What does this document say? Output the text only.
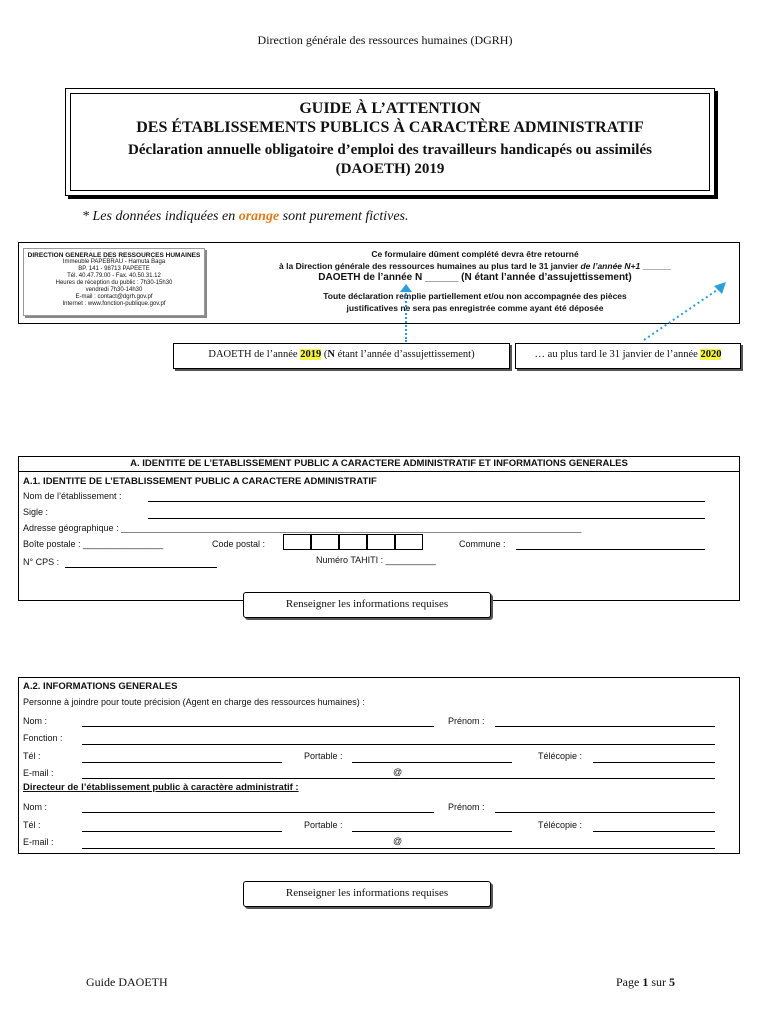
Direction générale des ressources humaines (DGRH)
GUIDE À L’ATTENTION
DES ÉTABLISSEMENTS PUBLICS À CARACTÈRE ADMINISTRATIF
Déclaration annuelle obligatoire d’emploi des travailleurs handicapés ou assimilés
(DAOETH) 2019
* Les données indiquées en orange sont purement fictives.
DIRECTION GENERALE DES RESSOURCES HUMAINES
Immeuble PAPEBRAU - Hamuta Baga
BP. 141 - 98713 PAPEETE
Tél. 40.47.79.00 - Fax. 40.50.31.12
Heures de réception du public : 7h30-15h30
vendredi 7h30-14h30
E-mail : contact@dgrh.gov.pf
Internet : www.fonction-publique.gov.pf
Ce formulaire dûment complété devra être retourné
à la Direction générale des ressources humaines au plus tard le 31 janvier de l’année N+1 ______
DAOETH de l’année N ______ (N étant l’année d’assujettissement)
Toute déclaration remplie partiellement et/ou non accompagnée des pièces
justificatives ne sera pas enregistrée comme ayant été déposée
DAOETH de l’année 2019 (N étant l’année d’assujettissement)	… au plus tard le 31 janvier de l’année 2020
A. IDENTITE DE L’ETABLISSEMENT PUBLIC A CARACTERE ADMINISTRATIF ET INFORMATIONS GENERALES
A.1. IDENTITE DE L’ETABLISSEMENT PUBLIC A CARACTERE ADMINISTRATIF
Nom de l’établissement :
Sigle :
Adresse géographique : ____________________________________________________________________________________________
Boîte postale : ________________	Code postal :	Commune :
Numéro TAHITI : __________
N° CPS :
Renseigner les informations requises
A.2. INFORMATIONS GENERALES
Personne à joindre pour toute précision (Agent en charge des ressources humaines) :
Nom :	Prénom :
Fonction :
Tél :	Portable :	Télécopie :
E-mail :	@
Directeur de l’établissement public à caractère administratif :
Nom :	Prénom :
Tél :	Portable :	Télécopie :
E-mail :	@
Renseigner les informations requises
Guide DAOETH	Page 1 sur 5
